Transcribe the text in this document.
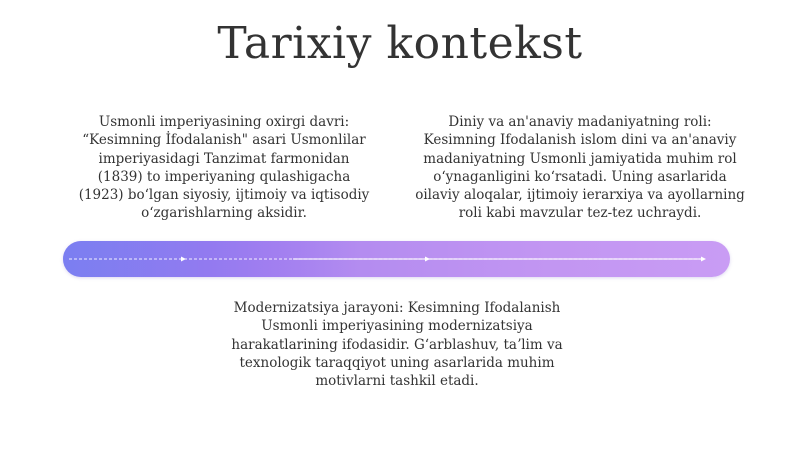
Tarixiy kontekst
Usmonli imperiyasining oxirgi davri: “Kesimning İfodalanish" asari Usmonlilar imperiyasidagi Tanzimat farmonidan (1839) to imperiyaning qulashigacha (1923) boʻlgan siyosiy, ijtimoiy va iqtisodiy oʻzgarishlarning aksidir.
Diniy va an'anaviy madaniyatning roli: Kesimning Ifodalanish islom dini va an'anaviy madaniyatning Usmonli jamiyatida muhim rol oʻynaganligini koʻrsatadi. Uning asarlarida oilaviy aloqalar, ijtimoiy ierarxiya va ayollarning roli kabi mavzular tez-tez uchraydi.
Modernizatsiya jarayoni: Kesimning Ifodalanish Usmonli imperiyasining modernizatsiya harakatlarining ifodasidir. Gʻarblashuv, taʼlim va texnologik taraqqiyot uning asarlarida muhim motivlarni tashkil etadi.
